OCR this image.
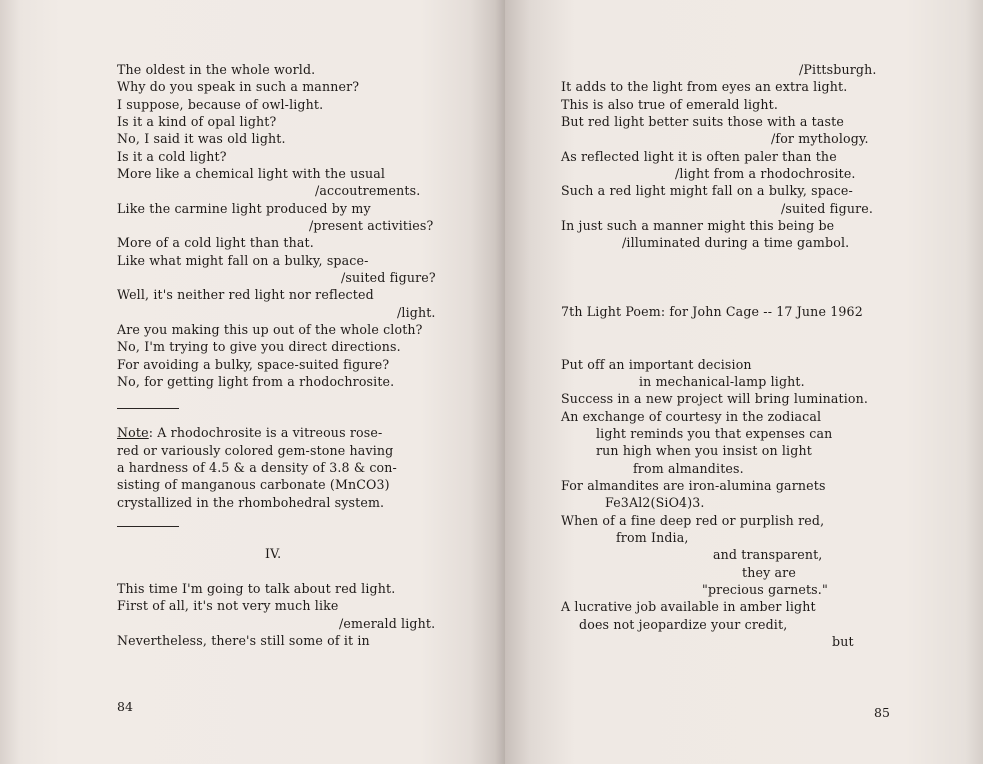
The oldest in the whole world.
Why do you speak in such a manner?
I suppose, because of owl-light.
Is it a kind of opal light?
No, I said it was old light.
Is it a cold light?
More like a chemical light with the usual
/accoutrements.
Like the carmine light produced by my
/present activities?
More of a cold light than that.
Like what might fall on a bulky, space-
/suited figure?
Well, it's neither red light nor reflected
/light.
Are you making this up out of the whole cloth?
No, I'm trying to give you direct directions.
For avoiding a bulky, space-suited figure?
No, for getting light from a rhodochrosite.
Note: A rhodochrosite is a vitreous rose-
red or variously colored gem-stone having
a hardness of 4.5 & a density of 3.8 & con-
sisting of manganous carbonate (MnCO3)
crystallized in the rhombohedral system.
IV.
This time I'm going to talk about red light.
First of all, it's not very much like
/emerald light.
Nevertheless, there's still some of it in
84
/Pittsburgh.
It adds to the light from eyes an extra light.
This is also true of emerald light.
But red light better suits those with a taste
/for mythology.
As reflected light it is often paler than the
/light from a rhodochrosite.
Such a red light might fall on a bulky, space-
/suited figure.
In just such a manner might this being be
/illuminated during a time gambol.
7th Light Poem: for John Cage -- 17 June 1962
Put off an important decision
in mechanical-lamp light.
Success in a new project will bring lumination.
An exchange of courtesy in the zodiacal
light reminds you that expenses can
run high when you insist on light
from almandites.
For almandites are iron-alumina garnets
Fe3Al2(SiO4)3.
When of a fine deep red or purplish red,
from India,
and transparent,
they are
"precious garnets."
A lucrative job available in amber light
does not jeopardize your credit,
but
85
